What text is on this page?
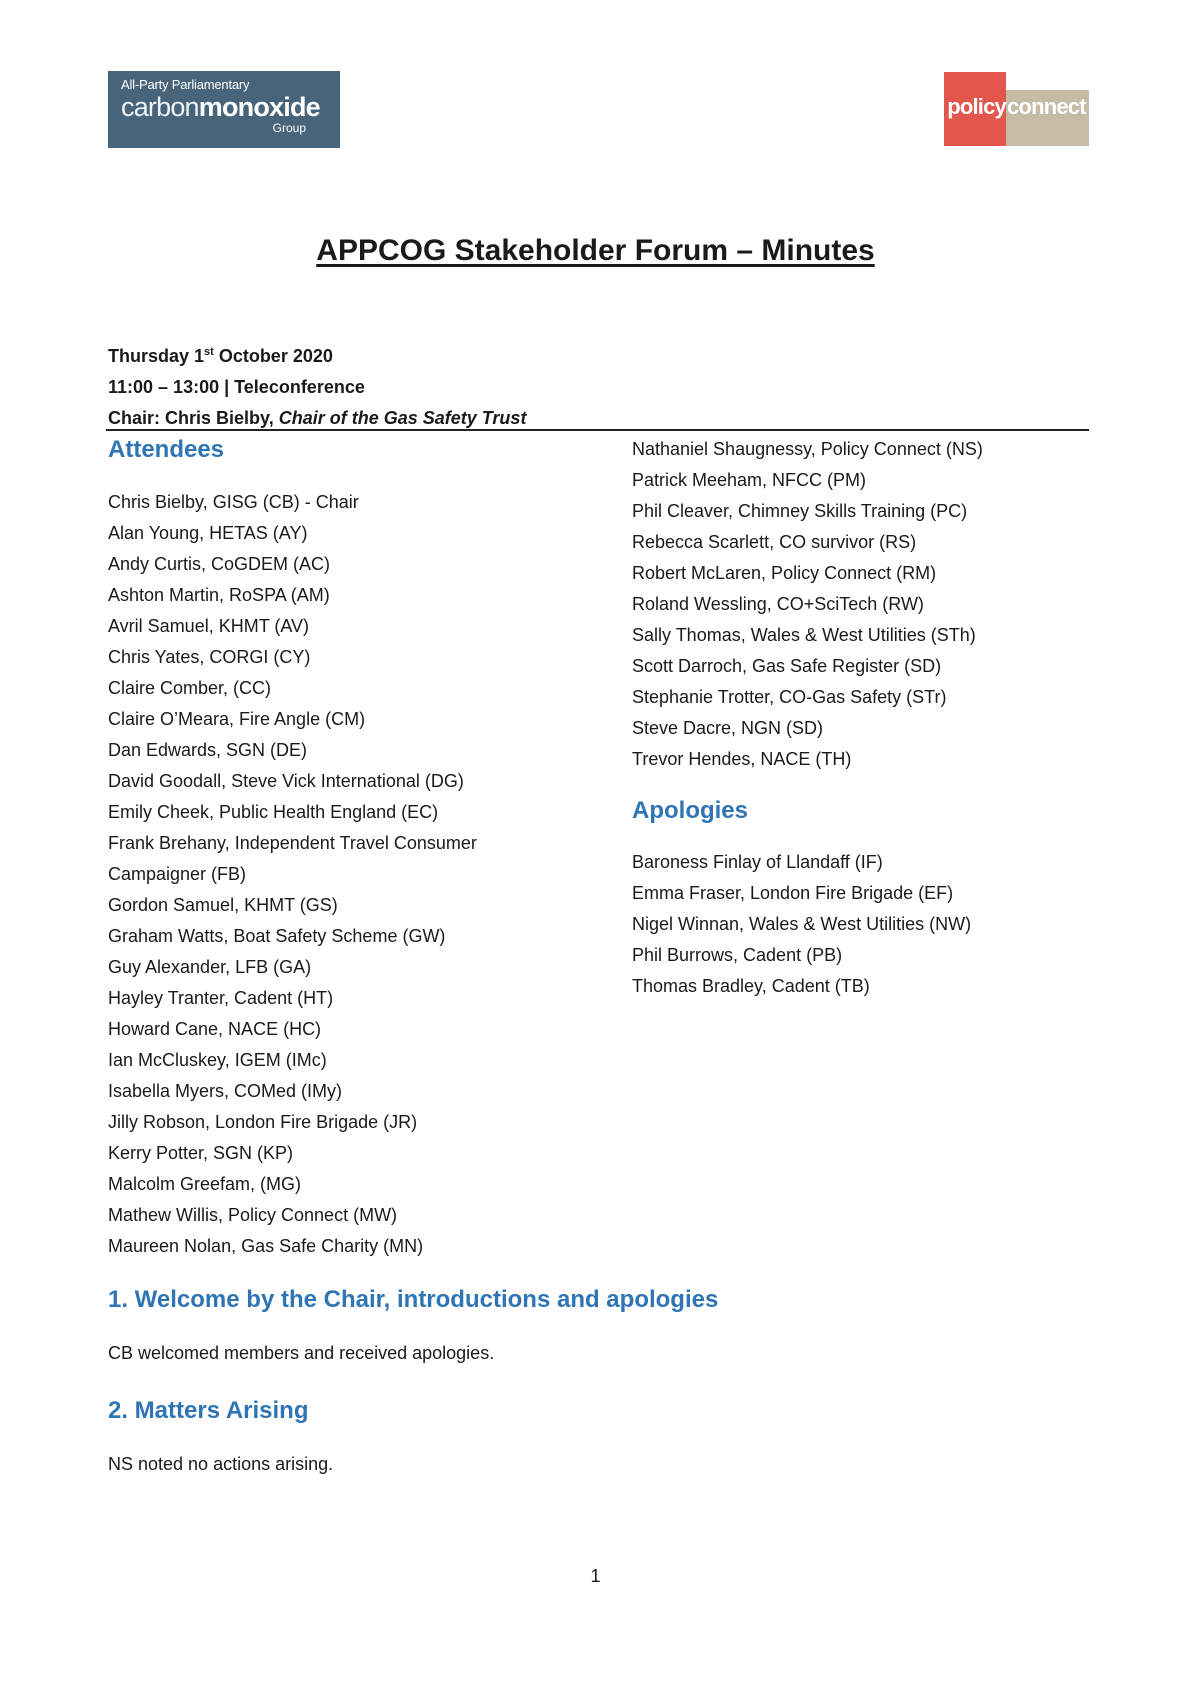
All-Party Parliamentary
carbonmonoxide
Group
policy connect
APPCOG Stakeholder Forum – Minutes
Thursday 1st October 2020
11:00 – 13:00 | Teleconference
Chair: Chris Bielby, Chair of the Gas Safety Trust
Attendees
Chris Bielby, GISG (CB) - Chair
Alan Young, HETAS (AY)
Andy Curtis, CoGDEM (AC)
Ashton Martin, RoSPA (AM)
Avril Samuel, KHMT (AV)
Chris Yates, CORGI (CY)
Claire Comber, (CC)
Claire O’Meara, Fire Angle (CM)
Dan Edwards, SGN (DE)
David Goodall, Steve Vick International (DG)
Emily Cheek, Public Health England (EC)
Frank Brehany, Independent Travel Consumer
Campaigner (FB)
Gordon Samuel, KHMT (GS)
Graham Watts, Boat Safety Scheme (GW)
Guy Alexander, LFB (GA)
Hayley Tranter, Cadent (HT)
Howard Cane, NACE (HC)
Ian McCluskey, IGEM (IMc)
Isabella Myers, COMed (IMy)
Jilly Robson, London Fire Brigade (JR)
Kerry Potter, SGN (KP)
Malcolm Greefam, (MG)
Mathew Willis, Policy Connect (MW)
Maureen Nolan, Gas Safe Charity (MN)
Nathaniel Shaugnessy, Policy Connect (NS)
Patrick Meeham, NFCC (PM)
Phil Cleaver, Chimney Skills Training (PC)
Rebecca Scarlett, CO survivor (RS)
Robert McLaren, Policy Connect (RM)
Roland Wessling, CO+SciTech (RW)
Sally Thomas, Wales & West Utilities (STh)
Scott Darroch, Gas Safe Register (SD)
Stephanie Trotter, CO-Gas Safety (STr)
Steve Dacre, NGN (SD)
Trevor Hendes, NACE (TH)
Apologies
Baroness Finlay of Llandaff (IF)
Emma Fraser, London Fire Brigade (EF)
Nigel Winnan, Wales & West Utilities (NW)
Phil Burrows, Cadent (PB)
Thomas Bradley, Cadent (TB)
1. Welcome by the Chair, introductions and apologies
CB welcomed members and received apologies.
2. Matters Arising
NS noted no actions arising.
1
